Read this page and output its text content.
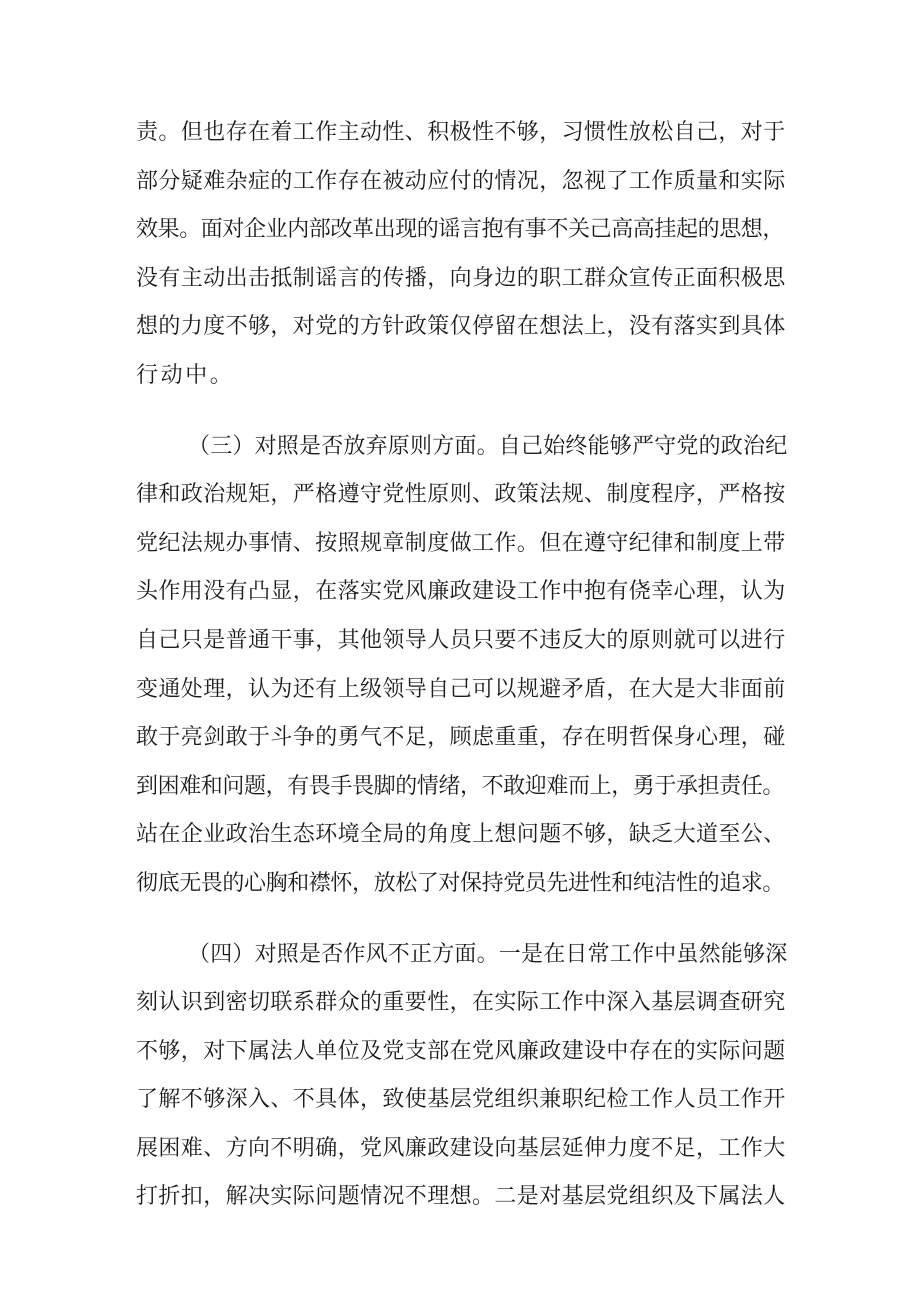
责。但也存在着工作主动性、积极性不够，习惯性放松自己，对于
部分疑难杂症的工作存在被动应付的情况，忽视了工作质量和实际
效果。面对企业内部改革出现的谣言抱有事不关己高高挂起的思想，
没有主动出击抵制谣言的传播，向身边的职工群众宣传正面积极思
想的力度不够，对党的方针政策仅停留在想法上，没有落实到具体
行动中。
（三）对照是否放弃原则方面。自己始终能够严守党的政治纪
律和政治规矩，严格遵守党性原则、政策法规、制度程序，严格按
党纪法规办事情、按照规章制度做工作。但在遵守纪律和制度上带
头作用没有凸显，在落实党风廉政建设工作中抱有侥幸心理，认为
自己只是普通干事，其他领导人员只要不违反大的原则就可以进行
变通处理，认为还有上级领导自己可以规避矛盾，在大是大非面前
敢于亮剑敢于斗争的勇气不足，顾虑重重，存在明哲保身心理，碰
到困难和问题，有畏手畏脚的情绪，不敢迎难而上，勇于承担责任。
站在企业政治生态环境全局的角度上想问题不够，缺乏大道至公、
彻底无畏的心胸和襟怀，放松了对保持党员先进性和纯洁性的追求。
（四）对照是否作风不正方面。一是在日常工作中虽然能够深
刻认识到密切联系群众的重要性，在实际工作中深入基层调查研究
不够，对下属法人单位及党支部在党风廉政建设中存在的实际问题
了解不够深入、不具体，致使基层党组织兼职纪检工作人员工作开
展困难、方向不明确，党风廉政建设向基层延伸力度不足，工作大
打折扣，解决实际问题情况不理想。二是对基层党组织及下属法人
